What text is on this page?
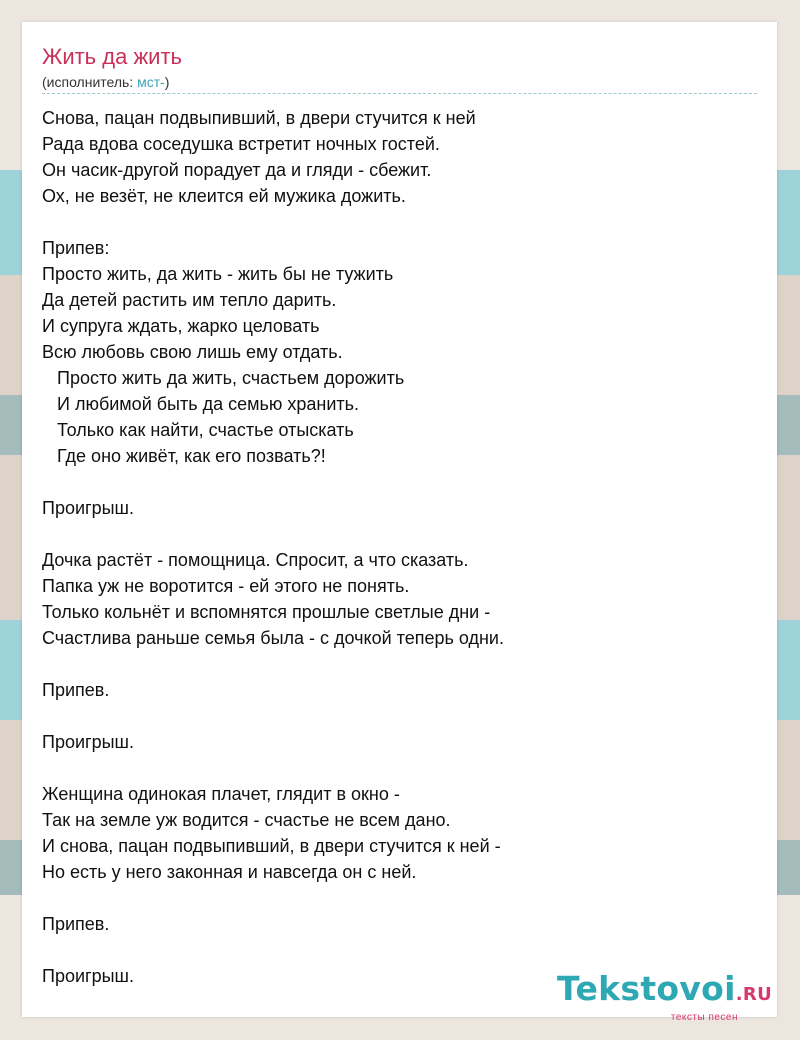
Жить да жить
(исполнитель: мст-)
Снова, пацан подвыпивший, в двери стучится к ней
Рада вдова соседушка встретит ночных гостей.
Он часик-другой порадует да и гляди - сбежит.
Ох, не везёт, не клеится ей мужика дожить.
Припев:
Просто жить, да жить - жить бы не тужить
Да детей растить им тепло дарить.
И супруга ждать, жарко целовать
Всю любовь свою лишь ему отдать.
Просто жить да жить, счастьем дорожить
И любимой быть да семью хранить.
Только как найти, счастье отыскать
Где оно живёт, как его позвать?!
Проигрыш.
Дочка растёт - помощница. Спросит, а что сказать.
Папка уж не воротится - ей этого не понять.
Только кольнёт и вспомнятся прошлые светлые дни -
Счастлива раньше семья была - с дочкой теперь одни.
Припев.
Проигрыш.
Женщина одинокая плачет, глядит в окно -
Так на земле уж водится - счастье не всем дано.
И снова, пацан подвыпивший, в двери стучится к ней -
Но есть у него законная и навсегда он с ней.
Припев.
Проигрыш.	Tekstovoi.RU
тексты песен
